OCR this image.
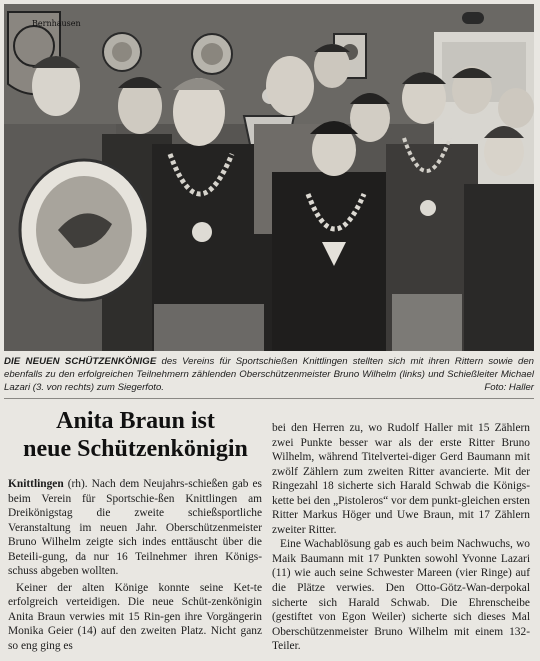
Bernhausen
DIE NEUEN SCHÜTZENKÖNIGE des Vereins für Sportschießen Knittlingen stellten sich mit ihren Rittern sowie den ebenfalls zu den erfolgreichen Teilnehmern zählenden Oberschützenmeister Bruno Wilhelm (links) und Schießleiter Michael Lazari (3. von rechts) zum Siegerfoto.	Foto: Haller
Anita Braun ist
neue Schützenkönigin

Knittlingen (rh). Nach dem Neujahrs-schießen gab es beim Verein für Sportschie-ßen Knittlingen am Dreikönigstag die zweite schießsportliche Veranstaltung im neuen Jahr. Oberschützenmeister Bruno Wilhelm zeigte sich indes enttäuscht über die Beteili-gung, da nur 16 Teilnehmer ihren Königs-schuss abgeben wollten.

Keiner der alten Könige konnte seine Ket-te erfolgreich verteidigen. Die neue Schüt-zenkönigin Anita Braun verwies mit 15 Rin-gen ihre Vorgängerin Monika Geier (14) auf den zweiten Platz. Nicht ganz so eng ging es

bei den Herren zu, wo Rudolf Haller mit 15 Zählern zwei Punkte besser war als der erste Ritter Bruno Wilhelm, während Titelvertei-diger Gerd Baumann mit zwölf Zählern zum zweiten Ritter avancierte. Mit der Ringezahl 18 sicherte sich Harald Schwab die Königs-kette bei den „Pistoleros“ vor dem punkt-gleichen ersten Ritter Markus Höger und Uwe Braun, mit 17 Zählern zweiter Ritter.

Eine Wachablösung gab es auch beim Nachwuchs, wo Maik Baumann mit 17 Punkten sowohl Yvonne Lazari (11) wie auch seine Schwester Mareen (vier Ringe) auf die Plätze verwies. Den Otto-Götz-Wan-derpokal sicherte sich Harald Schwab. Die Ehrenscheibe (gestiftet von Egon Weiler) sicherte sich dieses Mal Oberschützenmeister Bruno Wilhelm mit einem 132-Teiler.
